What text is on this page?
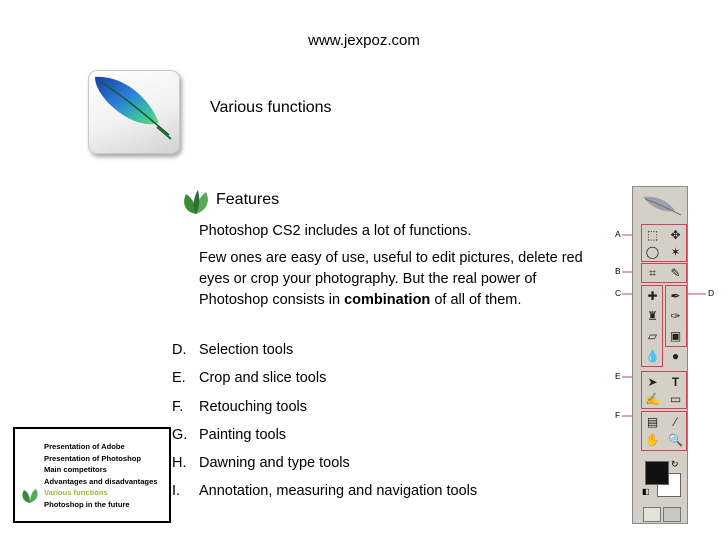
www.jexpoz.com
Various functions
Features
Photoshop CS2 includes a lot of functions.
Few ones are easy of use, useful to edit pictures, delete red eyes or crop your photography. But the real power of Photoshop consists in combination of all of them.
D. Selection tools
E. Crop and slice tools
F. Retouching tools
G. Painting tools
H. Dawning and type tools
I. Annotation, measuring and navigation tools
Presentation of Adobe
Presentation of Photoshop
Main competitors
Advantages and disadvantages
Various functions
Photoshop in the future
A
B
C	D
E
F
⬚	✥
◯ ✶
⌗	✎
✚	✒
♜	✑
▱	▣
💧 ●
➤	T
✍ ▭
▤	⁄
✋ 🔍
↻
◧
